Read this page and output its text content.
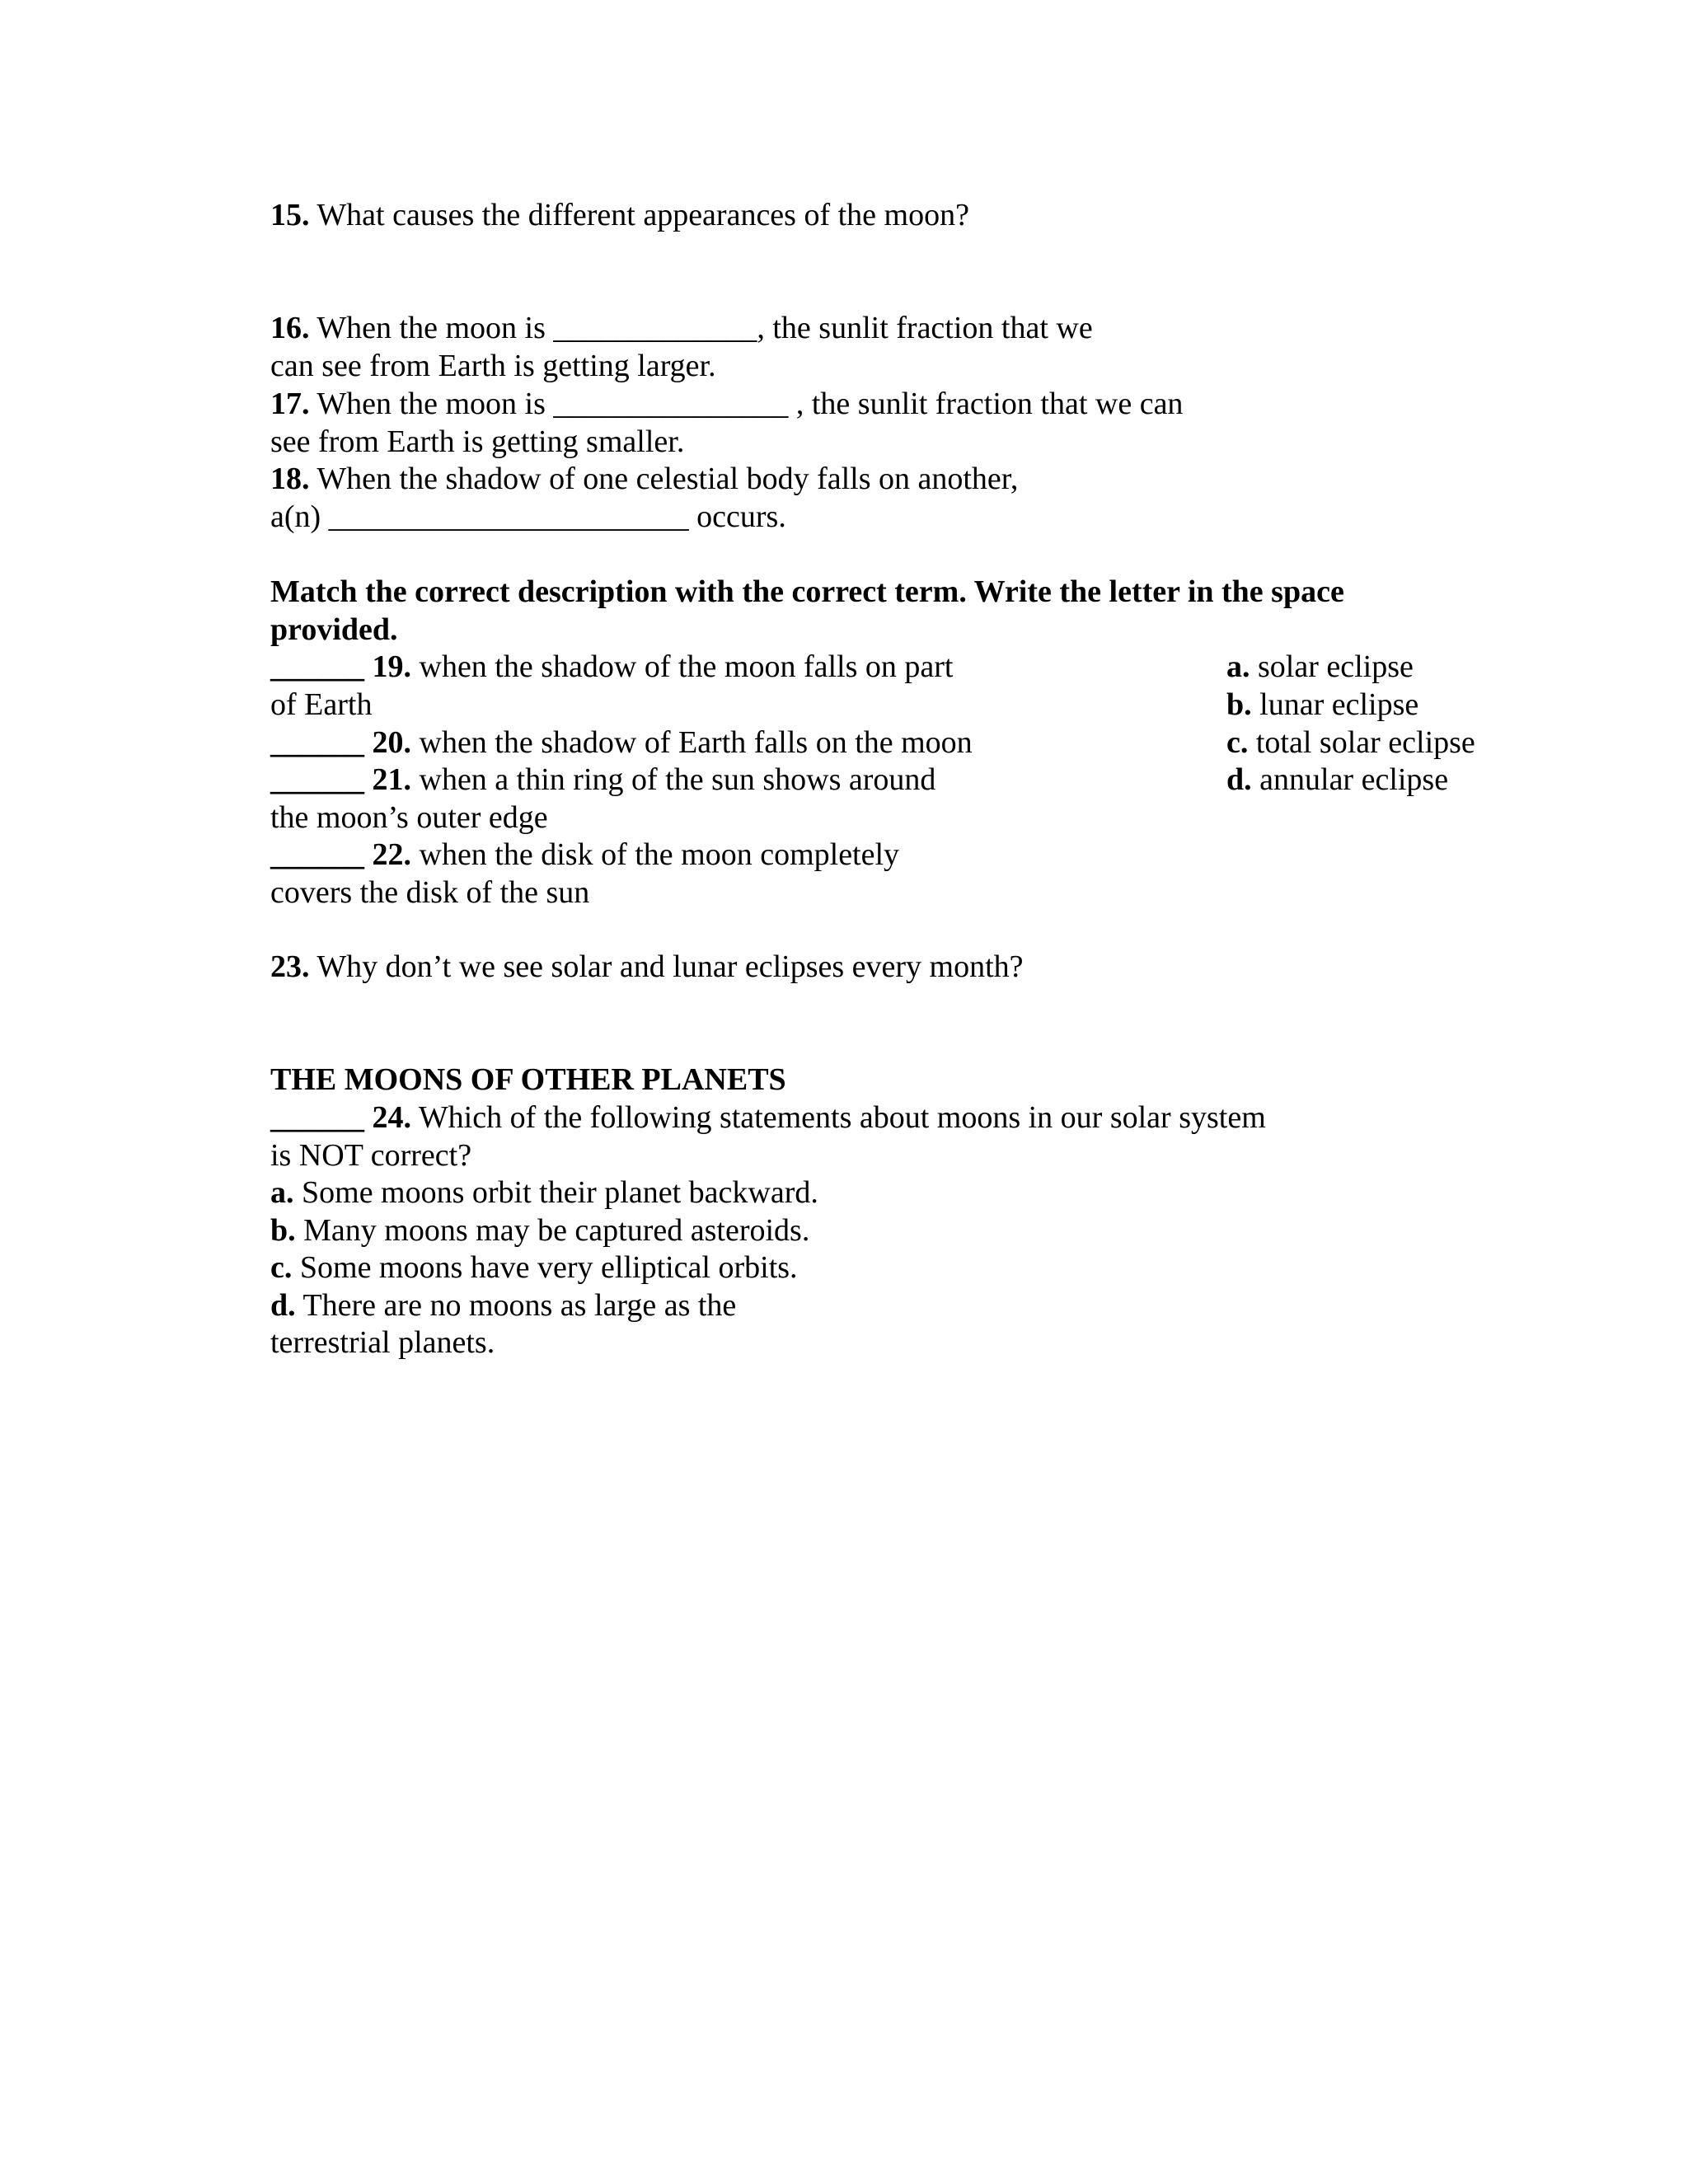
15. What causes the different appearances of the moon?
16. When the moon is _____________, the sunlit fraction that we
can see from Earth is getting larger.
17. When the moon is _______________ , the sunlit fraction that we can
see from Earth is getting smaller.
18. When the shadow of one celestial body falls on another,
a(n) _______________________ occurs.
Match the correct description with the correct term. Write the letter in the space
provided.
______ 19. when the shadow of the moon falls on part
of Earth
______ 20. when the shadow of Earth falls on the moon
______ 21. when a thin ring of the sun shows around
the moon’s outer edge
______ 22. when the disk of the moon completely
covers the disk of the sun
a. solar eclipse
b. lunar eclipse
c. total solar eclipse
d. annular eclipse
23. Why don’t we see solar and lunar eclipses every month?
THE MOONS OF OTHER PLANETS
______ 24. Which of the following statements about moons in our solar system
is NOT correct?
a. Some moons orbit their planet backward.
b. Many moons may be captured asteroids.
c. Some moons have very elliptical orbits.
d. There are no moons as large as the
terrestrial planets.
